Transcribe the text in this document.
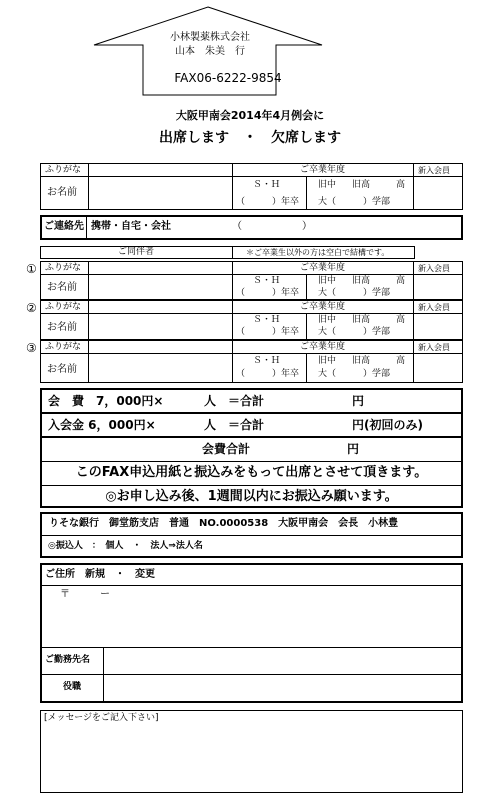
小林製薬株式会社
山本　朱美　行
FAX06-6222-9854
大阪甲南会2014年4月例会に
出席します　・　欠席します
ふりがな
お名前
ご卒業年度	新入会員
Ｓ・Ｈ	旧中 旧高	高
（　　　）年卒 大（　　　）学部
ご連絡先 携帯・自宅・会社	（　　　　　　）
ご同伴者	＊ご卒業生以外の方は空白で結構です。
① ふりがな
お名前
ご卒業年度	新入会員
Ｓ・Ｈ	旧中 旧高	高
（　　　）年卒 大（　　　）学部
② ふりがな
お名前
ご卒業年度	新入会員
Ｓ・Ｈ	旧中 旧高	高
（　　　）年卒 大（　　　）学部
③ ふりがな
お名前
ご卒業年度	新入会員
Ｓ・Ｈ	旧中 旧高	高
（　　　）年卒 大（　　　）学部
会　費　7，000円×	人　＝合計	円
入会金 6，000円×	人　＝合計	円(初回のみ)
会費合計	円
このFAX申込用紙と振込みをもって出席とさせて頂きます。
◎お申し込み後、1週間以内にお振込み願います。
りそな銀行　御堂筋支店　普通　NO.0000538　大阪甲南会　会長　小林豊
◎振込人　：　個人　・　法人⇒法人名
ご住所　新規　・　変更
〒　　　ー
ご勤務先名
役職
[メッセージをご記入下さい]
